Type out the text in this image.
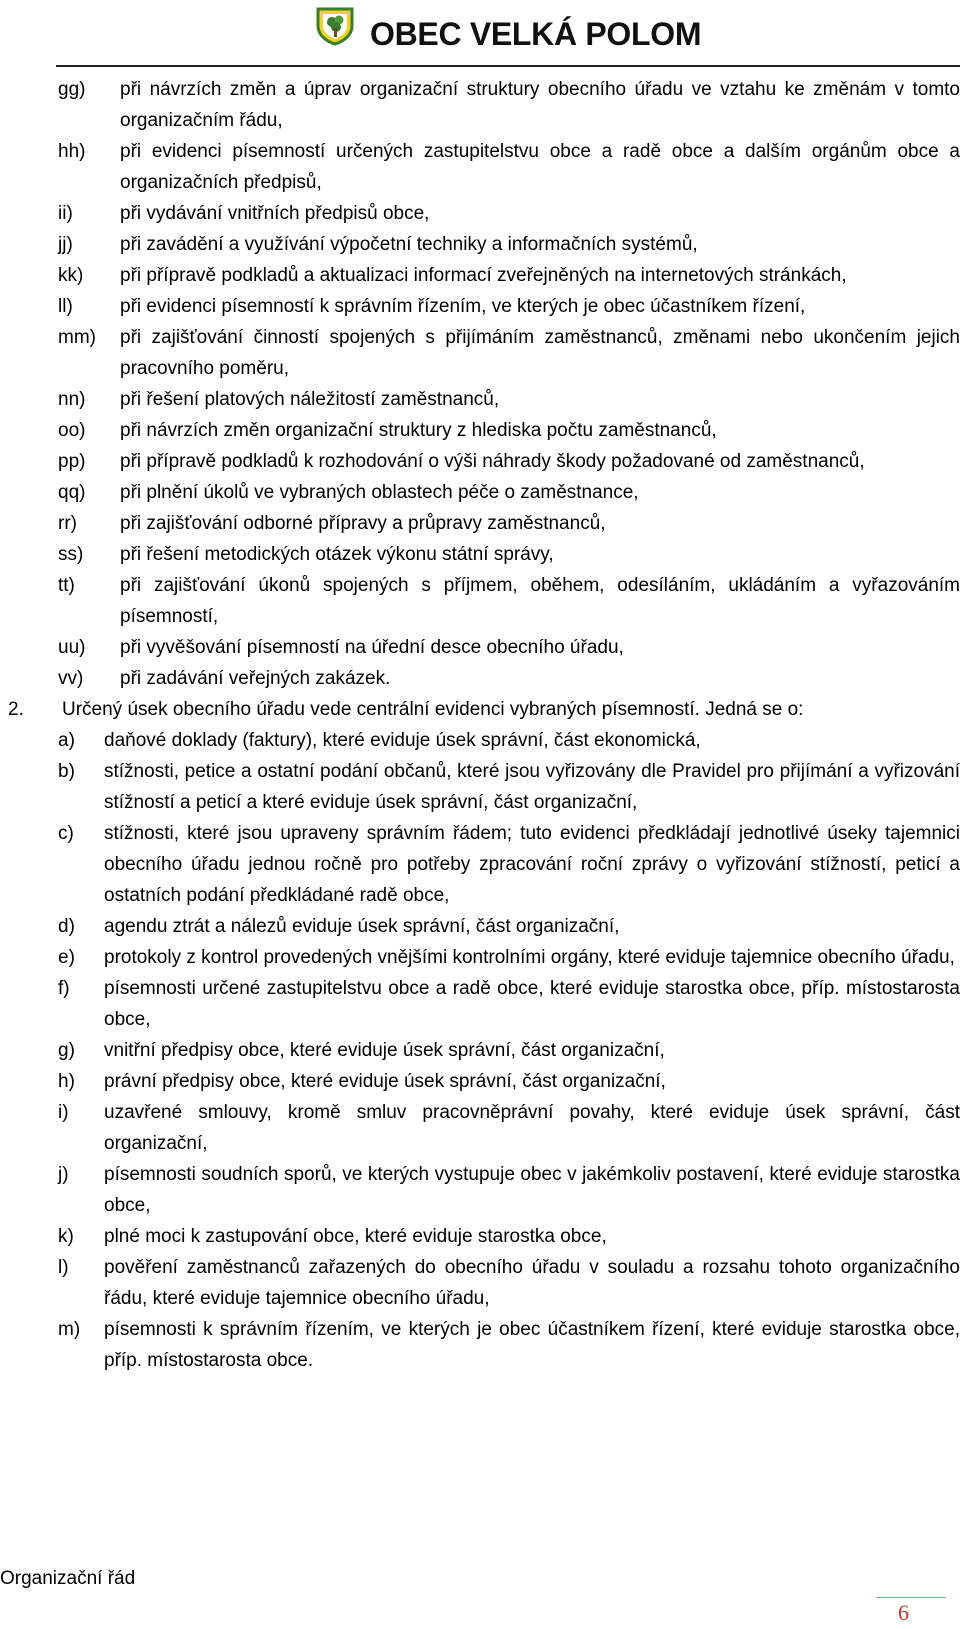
OBEC VELKÁ POLOM
gg) při návrzích změn a úprav organizační struktury obecního úřadu ve vztahu ke změnám v tomto organizačním řádu,
hh) při evidenci písemností určených zastupitelstvu obce a radě obce a dalším orgánům obce a organizačních předpisů,
ii) při vydávání vnitřních předpisů obce,
jj) při zavádění a využívání výpočetní techniky a informačních systémů,
kk) při přípravě podkladů a aktualizaci informací zveřejněných na internetových stránkách,
ll) při evidenci písemností k správním řízením, ve kterých je obec účastníkem řízení,
mm) při zajišťování činností spojených s přijímáním zaměstnanců, změnami nebo ukončením jejich pracovního poměru,
nn) při řešení platových náležitostí zaměstnanců,
oo) při návrzích změn organizační struktury z hlediska počtu zaměstnanců,
pp) při přípravě podkladů k rozhodování o výši náhrady škody požadované od zaměstnanců,
qq) při plnění úkolů ve vybraných oblastech péče o zaměstnance,
rr) při zajišťování odborné přípravy a průpravy zaměstnanců,
ss) při řešení metodických otázek výkonu státní správy,
tt) při zajišťování úkonů spojených s příjmem, oběhem, odesíláním, ukládáním a vyřazováním písemností,
uu) při vyvěšování písemností na úřední desce obecního úřadu,
vv) při zadávání veřejných zakázek.
2. Určený úsek obecního úřadu vede centrální evidenci vybraných písemností. Jedná se o:
a) daňové doklady (faktury), které eviduje úsek správní, část ekonomická,
b) stížnosti, petice a ostatní podání občanů, které jsou vyřizovány dle Pravidel pro přijímání a vyřizování stížností a peticí a které eviduje úsek správní, část organizační,
c) stížnosti, které jsou upraveny správním řádem; tuto evidenci předkládají jednotlivé úseky tajemnici obecního úřadu jednou ročně pro potřeby zpracování roční zprávy o vyřizování stížností, peticí a ostatních podání předkládané radě obce,
d) agendu ztrát a nálezů eviduje úsek správní, část organizační,
e) protokoly z kontrol provedených vnějšími kontrolními orgány, které eviduje tajemnice obecního úřadu,
f) písemnosti určené zastupitelstvu obce a radě obce, které eviduje starostka obce, příp. místostarosta obce,
g) vnitřní předpisy obce, které eviduje úsek správní, část organizační,
h) právní předpisy obce, které eviduje úsek správní, část organizační,
i) uzavřené smlouvy, kromě smluv pracovněprávní povahy, které eviduje úsek správní, část organizační,
j) písemnosti soudních sporů, ve kterých vystupuje obec v jakémkoliv postavení, které eviduje starostka obce,
k) plné moci k zastupování obce, které eviduje starostka obce,
l) pověření zaměstnanců zařazených do obecního úřadu v souladu a rozsahu tohoto organizačního řádu, které eviduje tajemnice obecního úřadu,
m) písemnosti k správním řízením, ve kterých je obec účastníkem řízení, které eviduje starostka obce, příp. místostarosta obce.
Organizační řád
6
